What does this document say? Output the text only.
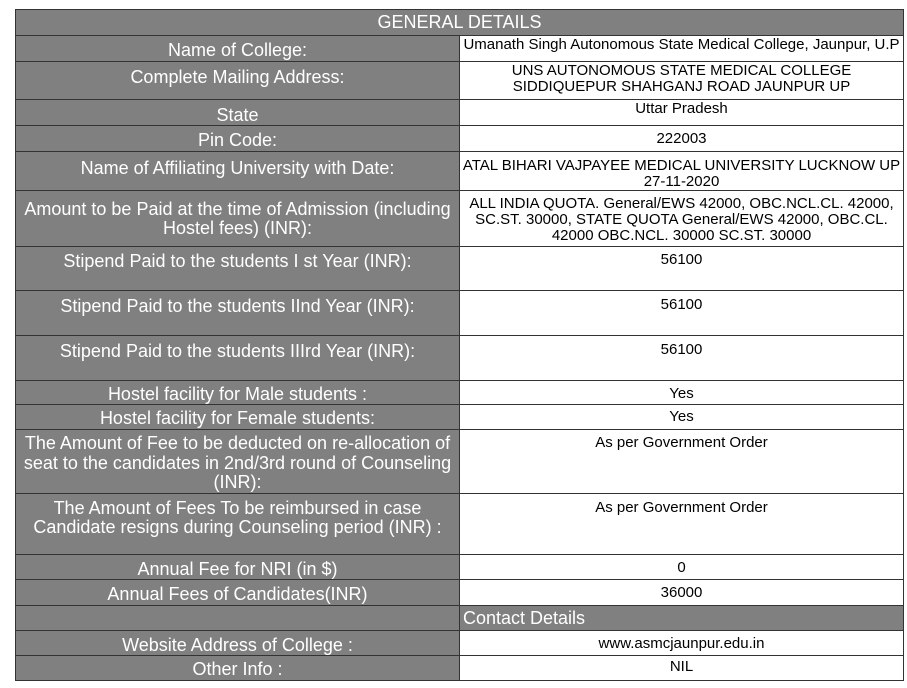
GENERAL DETAILS	
Name of College:	Umanath Singh Autonomous State Medical College, Jaunpur, U.P
Complete Mailing Address:	UNS AUTONOMOUS STATE MEDICAL COLLEGE SIDDIQUEPUR SHAHGANJ ROAD JAUNPUR UP
State	Uttar Pradesh
Pin Code:	222003
Name of Affiliating University with Date:	ATAL BIHARI VAJPAYEE MEDICAL UNIVERSITY LUCKNOW UP 27-11-2020
Amount to be Paid at the time of Admission (including Hostel fees) (INR):	ALL INDIA QUOTA. General/EWS 42000, OBC.NCL.CL. 42000, SC.ST. 30000, STATE QUOTA General/EWS 42000, OBC.CL. 42000 OBC.NCL. 30000 SC.ST. 30000
Stipend Paid to the students I st Year (INR):	56100
Stipend Paid to the students IInd Year (INR):	56100
Stipend Paid to the students IIIrd Year (INR):	56100
Hostel facility for Male students :	Yes
Hostel facility for Female students:	Yes
The Amount of Fee to be deducted on re-allocation of seat to the candidates in 2nd/3rd round of Counseling (INR):	As per Government Order
The Amount of Fees To be reimbursed in case Candidate resigns during Counseling period (INR) :	As per Government Order
Annual Fee for NRI (in $)	0
Annual Fees of Candidates(INR)	36000
	Contact Details
Website Address of College :	www.asmcjaunpur.edu.in
Other Info :	NIL
